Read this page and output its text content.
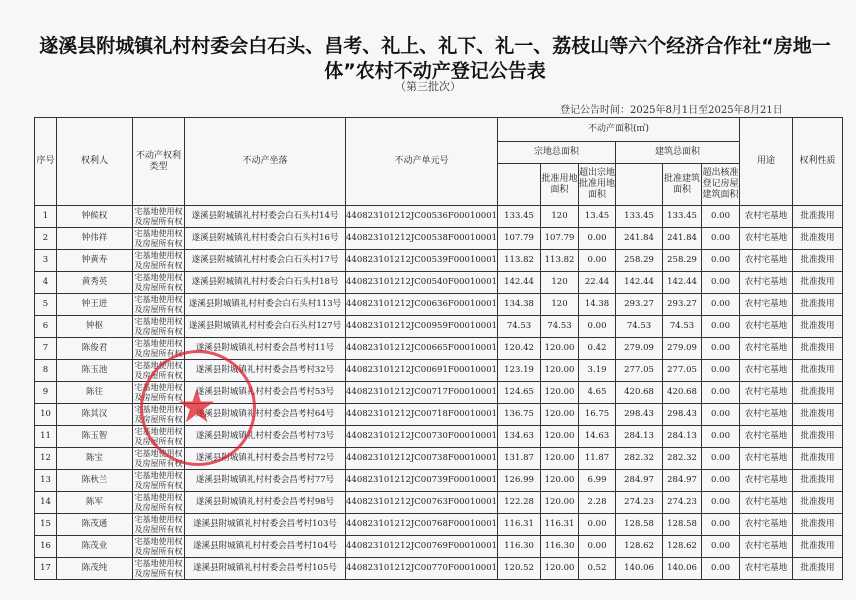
遂溪县附城镇礼村村委会白石头、昌考、礼上、礼下、礼一、荔枝山等六个经济合作社“房地一体”农村不动产登记公告表
（第三批次）
登记公告时间：2025年8月1日至2025年8月21日
序号	权利人	不动产权利类型	不动产坐落	不动产单元号	不动产面积(㎡)						用途	权利性质
					宗地总面积			建筑总面积				
						批准用地面积	超出宗地批准用地面积		批准建筑面积	超出核准登记房屋建筑面积		
1	钟候权	宅基地使用权及房屋所有权	遂溪县附城镇礼村村委会白石头村14号	440823101212JC00536F00010001	133.45	120	13.45	133.45	133.45	0.00	农村宅基地	批准拨用
2	钟伟祥	宅基地使用权及房屋所有权	遂溪县附城镇礼村村委会白石头村16号	440823101212JC00538F00010001	107.79	107.79	0.00	241.84	241.84	0.00	农村宅基地	批准拨用
3	钟黄寿	宅基地使用权及房屋所有权	遂溪县附城镇礼村村委会白石头村17号	440823101212JC00539F00010001	113.82	113.82	0.00	258.29	258.29	0.00	农村宅基地	批准拨用
4	黄秀英	宅基地使用权及房屋所有权	遂溪县附城镇礼村村委会白石头村18号	440823101212JC00540F00010001	142.44	120	22.44	142.44	142.44	0.00	农村宅基地	批准拨用
5	钟王进	宅基地使用权及房屋所有权	遂溪县附城镇礼村村委会白石头村113号	440823101212JC00636F00010001	134.38	120	14.38	293.27	293.27	0.00	农村宅基地	批准拨用
6	钟枢	宅基地使用权及房屋所有权	遂溪县附城镇礼村村委会白石头村127号	440823101212JC00959F00010001	74.53	74.53	0.00	74.53	74.53	0.00	农村宅基地	批准拨用
7	陈俊君	宅基地使用权及房屋所有权	遂溪县附城镇礼村村委会昌考村11号	440823101212JC00665F00010001	120.42	120.00	0.42	279.09	279.09	0.00	农村宅基地	批准拨用
8	陈玉池	宅基地使用权及房屋所有权	遂溪县附城镇礼村村委会昌考村32号	440823101212JC00691F00010001	123.19	120.00	3.19	277.05	277.05	0.00	农村宅基地	批准拨用
9	陈往	宅基地使用权及房屋所有权	遂溪县附城镇礼村村委会昌考村53号	440823101212JC00717F00010001	124.65	120.00	4.65	420.68	420.68	0.00	农村宅基地	批准拨用
10	陈其汉	宅基地使用权及房屋所有权	遂溪县附城镇礼村村委会昌考村64号	440823101212JC00718F00010001	136.75	120.00	16.75	298.43	298.43	0.00	农村宅基地	批准拨用
11	陈玉智	宅基地使用权及房屋所有权	遂溪县附城镇礼村村委会昌考村73号	440823101212JC00730F00010001	134.63	120.00	14.63	284.13	284.13	0.00	农村宅基地	批准拨用
12	陈宝	宅基地使用权及房屋所有权	遂溪县附城镇礼村村委会昌考村72号	440823101212JC00738F00010001	131.87	120.00	11.87	282.32	282.32	0.00	农村宅基地	批准拨用
13	陈秋兰	宅基地使用权及房屋所有权	遂溪县附城镇礼村村委会昌考村77号	440823101212JC00739F00010001	126.99	120.00	6.99	284.97	284.97	0.00	农村宅基地	批准拨用
14	陈军	宅基地使用权及房屋所有权	遂溪县附城镇礼村村委会昌考村98号	440823101212JC00763F00010001	122.28	120.00	2.28	274.23	274.23	0.00	农村宅基地	批准拨用
15	陈茂通	宅基地使用权及房屋所有权	遂溪县附城镇礼村村委会昌考村103号	440823101212JC00768F00010001	116.31	116.31	0.00	128.58	128.58	0.00	农村宅基地	批准拨用
16	陈茂业	宅基地使用权及房屋所有权	遂溪县附城镇礼村村委会昌考村104号	440823101212JC00769F00010001	116.30	116.30	0.00	128.62	128.62	0.00	农村宅基地	批准拨用
17	陈茂纯	宅基地使用权及房屋所有权	遂溪县附城镇礼村村委会昌考村105号	440823101212JC00770F00010001	120.52	120.00	0.52	140.06	140.06	0.00	农村宅基地	批准拨用
★
